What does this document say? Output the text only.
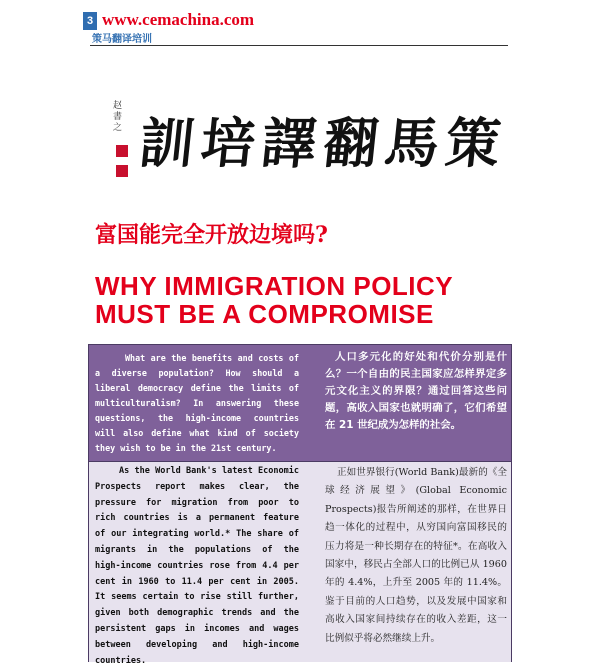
3 www.cemachina.com
策马翻译培训
赵書之	策
馬
翻
譯
培
訓
富国能完全开放边境吗?
WHY IMMIGRATION POLICY MUST BE A COMPROMISE

What are the benefits and costs of a diverse population? How should a liberal democracy define the limits of multiculturalism? In answering these questions, the high-income countries will also define what kind of society they wish to be in the 21st century.

人口多元化的好处和代价分别是什么？一个自由的民主国家应怎样界定多元文化主义的界限？通过回答这些问题，高收入国家也就明确了，它们希望在 21 世纪成为怎样的社会。

As the World Bank's latest Economic Prospects report makes clear, the pressure for migration from poor to rich countries is a permanent feature of our integrating world.* The share of migrants in the populations of the high-income countries rose from 4.4 per cent in 1960 to 11.4 per cent in 2005. It seems certain to rise still further, given both demographic trends and the persistent gaps in incomes and wages between developing and high-income countries.

正如世界银行(World Bank)最新的《全球经济展望》(Global Economic Prospects)报告所阐述的那样，在世界日趋一体化的过程中，从穷国向富国移民的压力将是一种长期存在的特征*。在高收入国家中，移民占全部人口的比例已从 1960 年的 4.4%，上升至 2005 年的 11.4%。鉴于目前的人口趋势，以及发展中国家和高收入国家间持续存在的收入差距，这一比例似乎将必然继续上升。
